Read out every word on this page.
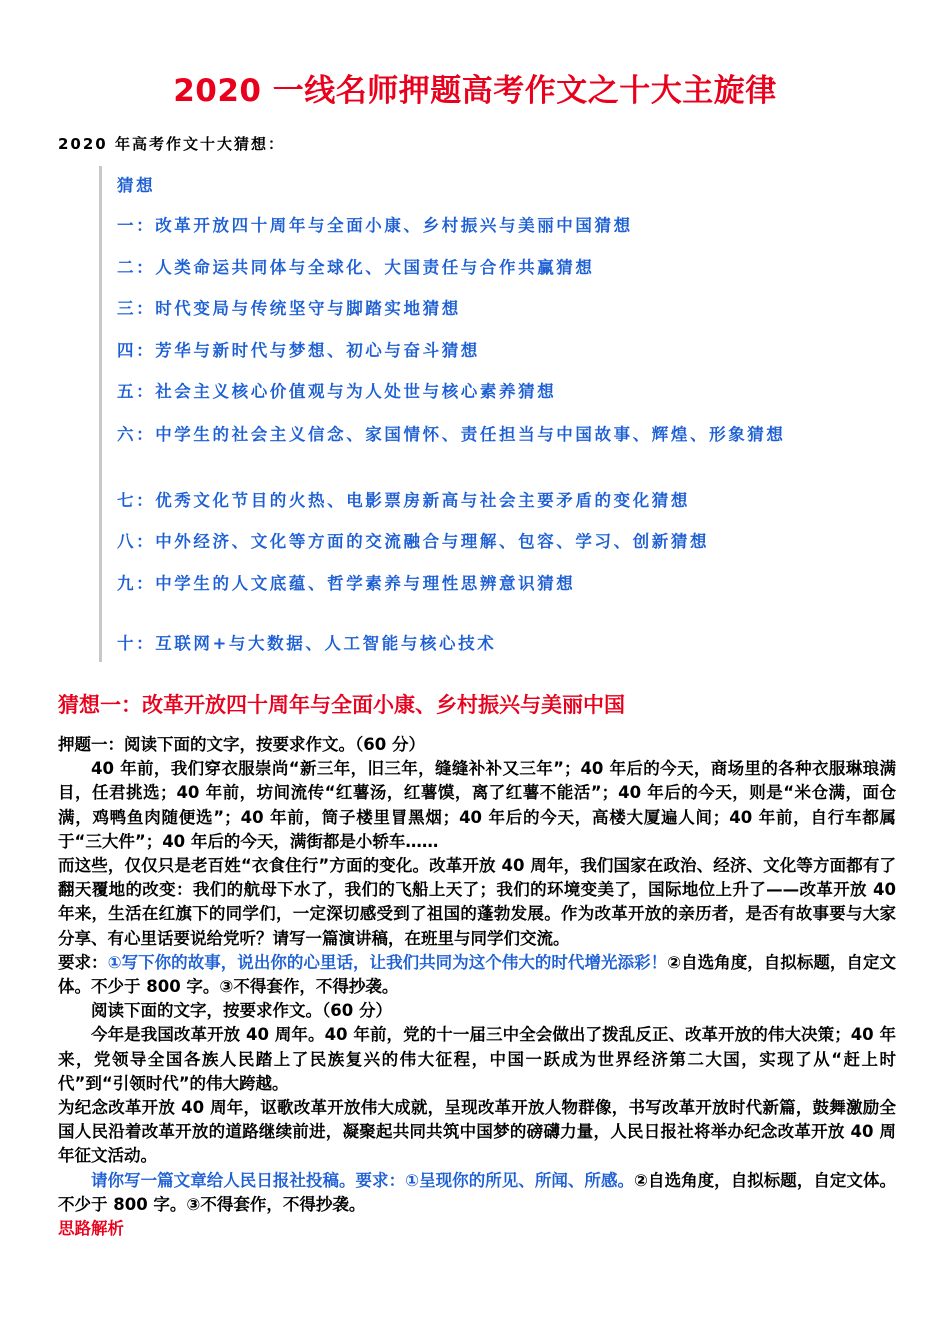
2020 一线名师押题高考作文之十大主旋律
2020 年高考作文十大猜想：
猜想
一：改革开放四十周年与全面小康、乡村振兴与美丽中国猜想
二：人类命运共同体与全球化、大国责任与合作共赢猜想
三：时代变局与传统坚守与脚踏实地猜想
四：芳华与新时代与梦想、初心与奋斗猜想
五：社会主义核心价值观与为人处世与核心素养猜想
六：中学生的社会主义信念、家国情怀、责任担当与中国故事、辉煌、形象猜想
七：优秀文化节目的火热、电影票房新高与社会主要矛盾的变化猜想
八：中外经济、文化等方面的交流融合与理解、包容、学习、创新猜想
九：中学生的人文底蕴、哲学素养与理性思辨意识猜想
十：互联网+与大数据、人工智能与核心技术
猜想一：改革开放四十周年与全面小康、乡村振兴与美丽中国

押题一：阅读下面的文字，按要求作文。（60 分）

40 年前，我们穿衣服崇尚“新三年，旧三年，缝缝补补又三年”；40 年后的今天，商场里的各种衣服琳琅满目，任君挑选；40 年前，坊间流传“红薯汤，红薯馍，离了红薯不能活”；40 年后的今天，则是“米仓满，面仓满，鸡鸭鱼肉随便选”；40 年前，筒子楼里冒黑烟；40 年后的今天，高楼大厦遍人间；40 年前，自行车都属于“三大件”；40 年后的今天，满街都是小轿车……

而这些，仅仅只是老百姓“衣食住行”方面的变化。改革开放 40 周年，我们国家在政治、经济、文化等方面都有了翻天覆地的改变：我们的航母下水了，我们的飞船上天了；我们的环境变美了，国际地位上升了——改革开放 40 年来，生活在红旗下的同学们，一定深切感受到了祖国的蓬勃发展。作为改革开放的亲历者，是否有故事要与大家分享、有心里话要说给党听？请写一篇演讲稿，在班里与同学们交流。

要求：①写下你的故事，说出你的心里话，让我们共同为这个伟大的时代增光添彩！②自选角度，自拟标题，自定文体。不少于 800 字。③不得套作，不得抄袭。

阅读下面的文字，按要求作文。（60 分）

今年是我国改革开放 40 周年。40 年前，党的十一届三中全会做出了拨乱反正、改革开放的伟大决策；40 年来，党领导全国各族人民踏上了民族复兴的伟大征程，中国一跃成为世界经济第二大国，实现了从“赶上时代”到“引领时代”的伟大跨越。

为纪念改革开放 40 周年，讴歌改革开放伟大成就，呈现改革开放人物群像，书写改革开放时代新篇，鼓舞激励全国人民沿着改革开放的道路继续前进，凝聚起共同共筑中国梦的磅礴力量，人民日报社将举办纪念改革开放 40 周年征文活动。

请你写一篇文章给人民日报社投稿。要求：①呈现你的所见、所闻、所感。②自选角度，自拟标题，自定文体。不少于 800 字。③不得套作，不得抄袭。

思路解析
